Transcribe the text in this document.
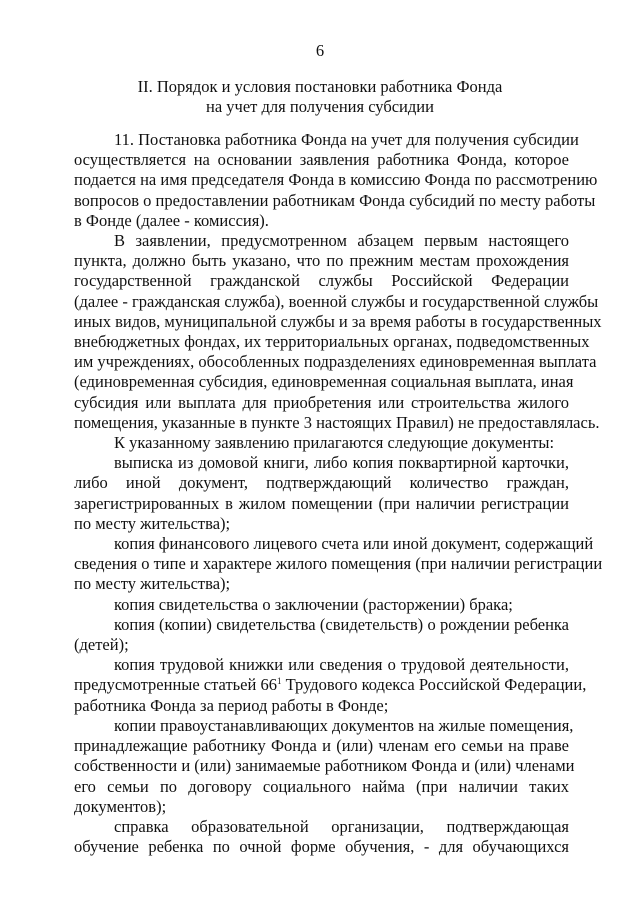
6
II. Порядок и условия постановки работника Фонда
на учет для получения субсидии
11. Постановка работника Фонда на учет для получения субсидии
осуществляется на основании заявления работника Фонда, которое
подается на имя председателя Фонда в комиссию Фонда по рассмотрению
вопросов о предоставлении работникам Фонда субсидий по месту работы
в Фонде (далее - комиссия).
В заявлении, предусмотренном абзацем первым настоящего
пункта, должно быть указано, что по прежним местам прохождения
государственной гражданской службы Российской Федерации
(далее - гражданская служба), военной службы и государственной службы
иных видов, муниципальной службы и за время работы в государственных
внебюджетных фондах, их территориальных органах, подведомственных
им учреждениях, обособленных подразделениях единовременная выплата
(единовременная субсидия, единовременная социальная выплата, иная
субсидия или выплата для приобретения или строительства жилого
помещения, указанные в пункте 3 настоящих Правил) не предоставлялась.
К указанному заявлению прилагаются следующие документы:
выписка из домовой книги, либо копия поквартирной карточки,
либо иной документ, подтверждающий количество граждан,
зарегистрированных в жилом помещении (при наличии регистрации
по месту жительства);
копия финансового лицевого счета или иной документ, содержащий
сведения о типе и характере жилого помещения (при наличии регистрации
по месту жительства);
копия свидетельства о заключении (расторжении) брака;
копия (копии) свидетельства (свидетельств) о рождении ребенка
(детей);
копия трудовой книжки или сведения о трудовой деятельности,
предусмотренные статьей $66^1$ Трудового кодекса Российской Федерации,
работника Фонда за период работы в Фонде;
копии правоустанавливающих документов на жилые помещения,
принадлежащие работнику Фонда и (или) членам его семьи на праве
собственности и (или) занимаемые работником Фонда и (или) членами
его семьи по договору социального найма (при наличии таких
документов);
справка образовательной организации, подтверждающая
обучение ребенка по очной форме обучения, - для обучающихся
